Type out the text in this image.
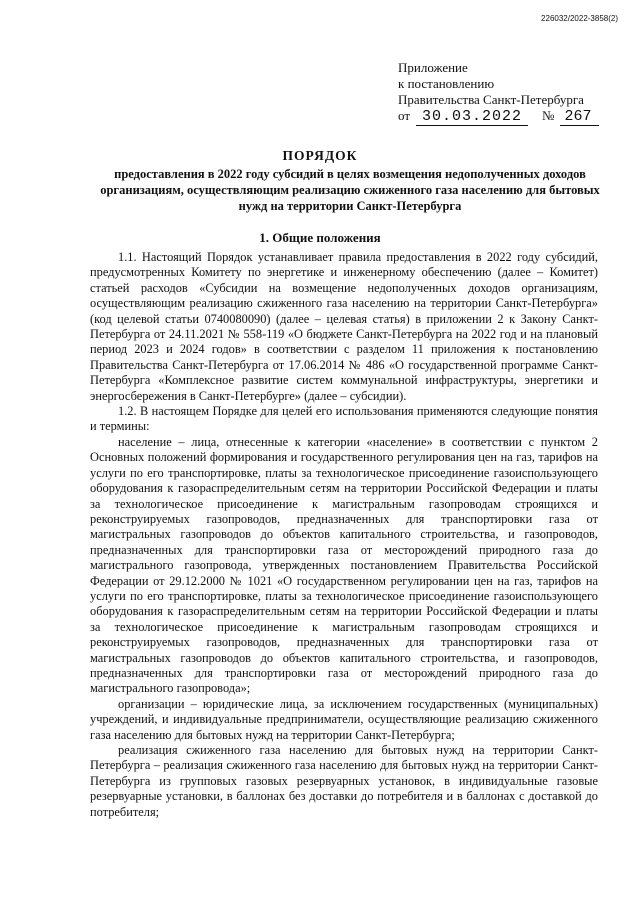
226032/2022-3858(2)
Приложение
к постановлению
Правительства Санкт-Петербурга
от 30.03.2022	№ 267
ПОРЯДОК
предоставления в 2022 году субсидий в целях возмещения недополученных доходов организациям, осуществляющим реализацию сжиженного газа населению для бытовых нужд на территории Санкт-Петербурга
1. Общие положения

1.1. Настоящий Порядок устанавливает правила предоставления в 2022 году субсидий, предусмотренных Комитету по энергетике и инженерному обеспечению (далее – Комитет) статьей расходов «Субсидии на возмещение недополученных доходов организациям, осуществляющим реализацию сжиженного газа населению на территории Санкт-Петербурга» (код целевой статьи 0740080090) (далее – целевая статья) в приложении 2 к Закону Санкт-Петербурга от 24.11.2021 № 558-119 «О бюджете Санкт-Петербурга на 2022 год и на плановый период 2023 и 2024 годов» в соответствии с разделом 11 приложения к постановлению Правительства Санкт-Петербурга от 17.06.2014 № 486 «О государственной программе Санкт-Петербурга «Комплексное развитие систем коммунальной инфраструктуры, энергетики и энергосбережения в Санкт-Петербурге» (далее – субсидии).

1.2. В настоящем Порядке для целей его использования применяются следующие понятия и термины:

население – лица, отнесенные к категории «население» в соответствии с пунктом 2 Основных положений формирования и государственного регулирования цен на газ, тарифов на услуги по его транспортировке, платы за технологическое присоединение газоиспользующего оборудования к газораспределительным сетям на территории Российской Федерации и платы за технологическое присоединение к магистральным газопроводам строящихся и реконструируемых газопроводов, предназначенных для транспортировки газа от магистральных газопроводов до объектов капитального строительства, и газопроводов, предназначенных для транспортировки газа от месторождений природного газа до магистрального газопровода, утвержденных постановлением Правительства Российской Федерации от 29.12.2000 № 1021 «О государственном регулировании цен на газ, тарифов на услуги по его транспортировке, платы за технологическое присоединение газоиспользующего оборудования к газораспределительным сетям на территории Российской Федерации и платы за технологическое присоединение к магистральным газопроводам строящихся и реконструируемых газопроводов, предназначенных для транспортировки газа от магистральных газопроводов до объектов капитального строительства, и газопроводов, предназначенных для транспортировки газа от месторождений природного газа до магистрального газопровода»;

организации – юридические лица, за исключением государственных (муниципальных) учреждений, и индивидуальные предприниматели, осуществляющие реализацию сжиженного газа населению для бытовых нужд на территории Санкт-Петербурга;

реализация сжиженного газа населению для бытовых нужд на территории Санкт-Петербурга – реализация сжиженного газа населению для бытовых нужд на территории Санкт-Петербурга из групповых газовых резервуарных установок, в индивидуальные газовые резервуарные установки, в баллонах без доставки до потребителя и в баллонах с доставкой до потребителя;
